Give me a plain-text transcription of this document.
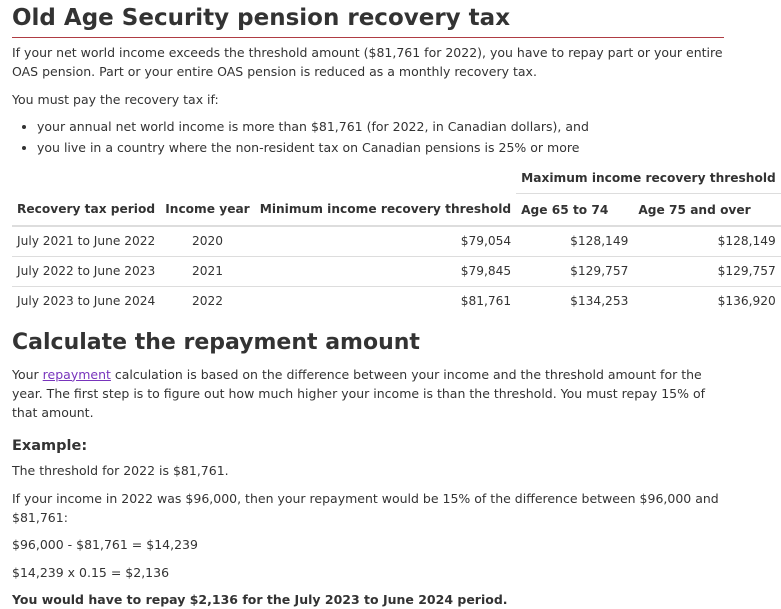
Old Age Security pension recovery tax

If your net world income exceeds the threshold amount ($81,761 for 2022), you have to repay part or your entire OAS pension. Part or your entire OAS pension is reduced as a monthly recovery tax.

You must pay the recovery tax if:

• your annual net world income is more than $81,761 (for 2022, in Canadian dollars), and
• you live in a country where the non-resident tax on Canadian pensions is 25% or more
			Maximum income recovery threshold	
Recovery tax period	Income year	Minimum income recovery threshold	Age 65 to 74	Age 75 and over
July 2021 to June 2022	2020	$79,054	$128,149	$128,149
July 2022 to June 2023	2021	$79,845	$129,757	$129,757
July 2023 to June 2024	2022	$81,761	$134,253	$136,920
Calculate the repayment amount

Your repayment calculation is based on the difference between your income and the threshold amount for the year. The first step is to figure out how much higher your income is than the threshold. You must repay 15% of that amount.

Example:

The threshold for 2022 is $81,761.

If your income in 2022 was $96,000, then your repayment would be 15% of the difference between $96,000 and $81,761:

$96,000 - $81,761 = $14,239

$14,239 x 0.15 = $2,136

You would have to repay $2,136 for the July 2023 to June 2024 period.
